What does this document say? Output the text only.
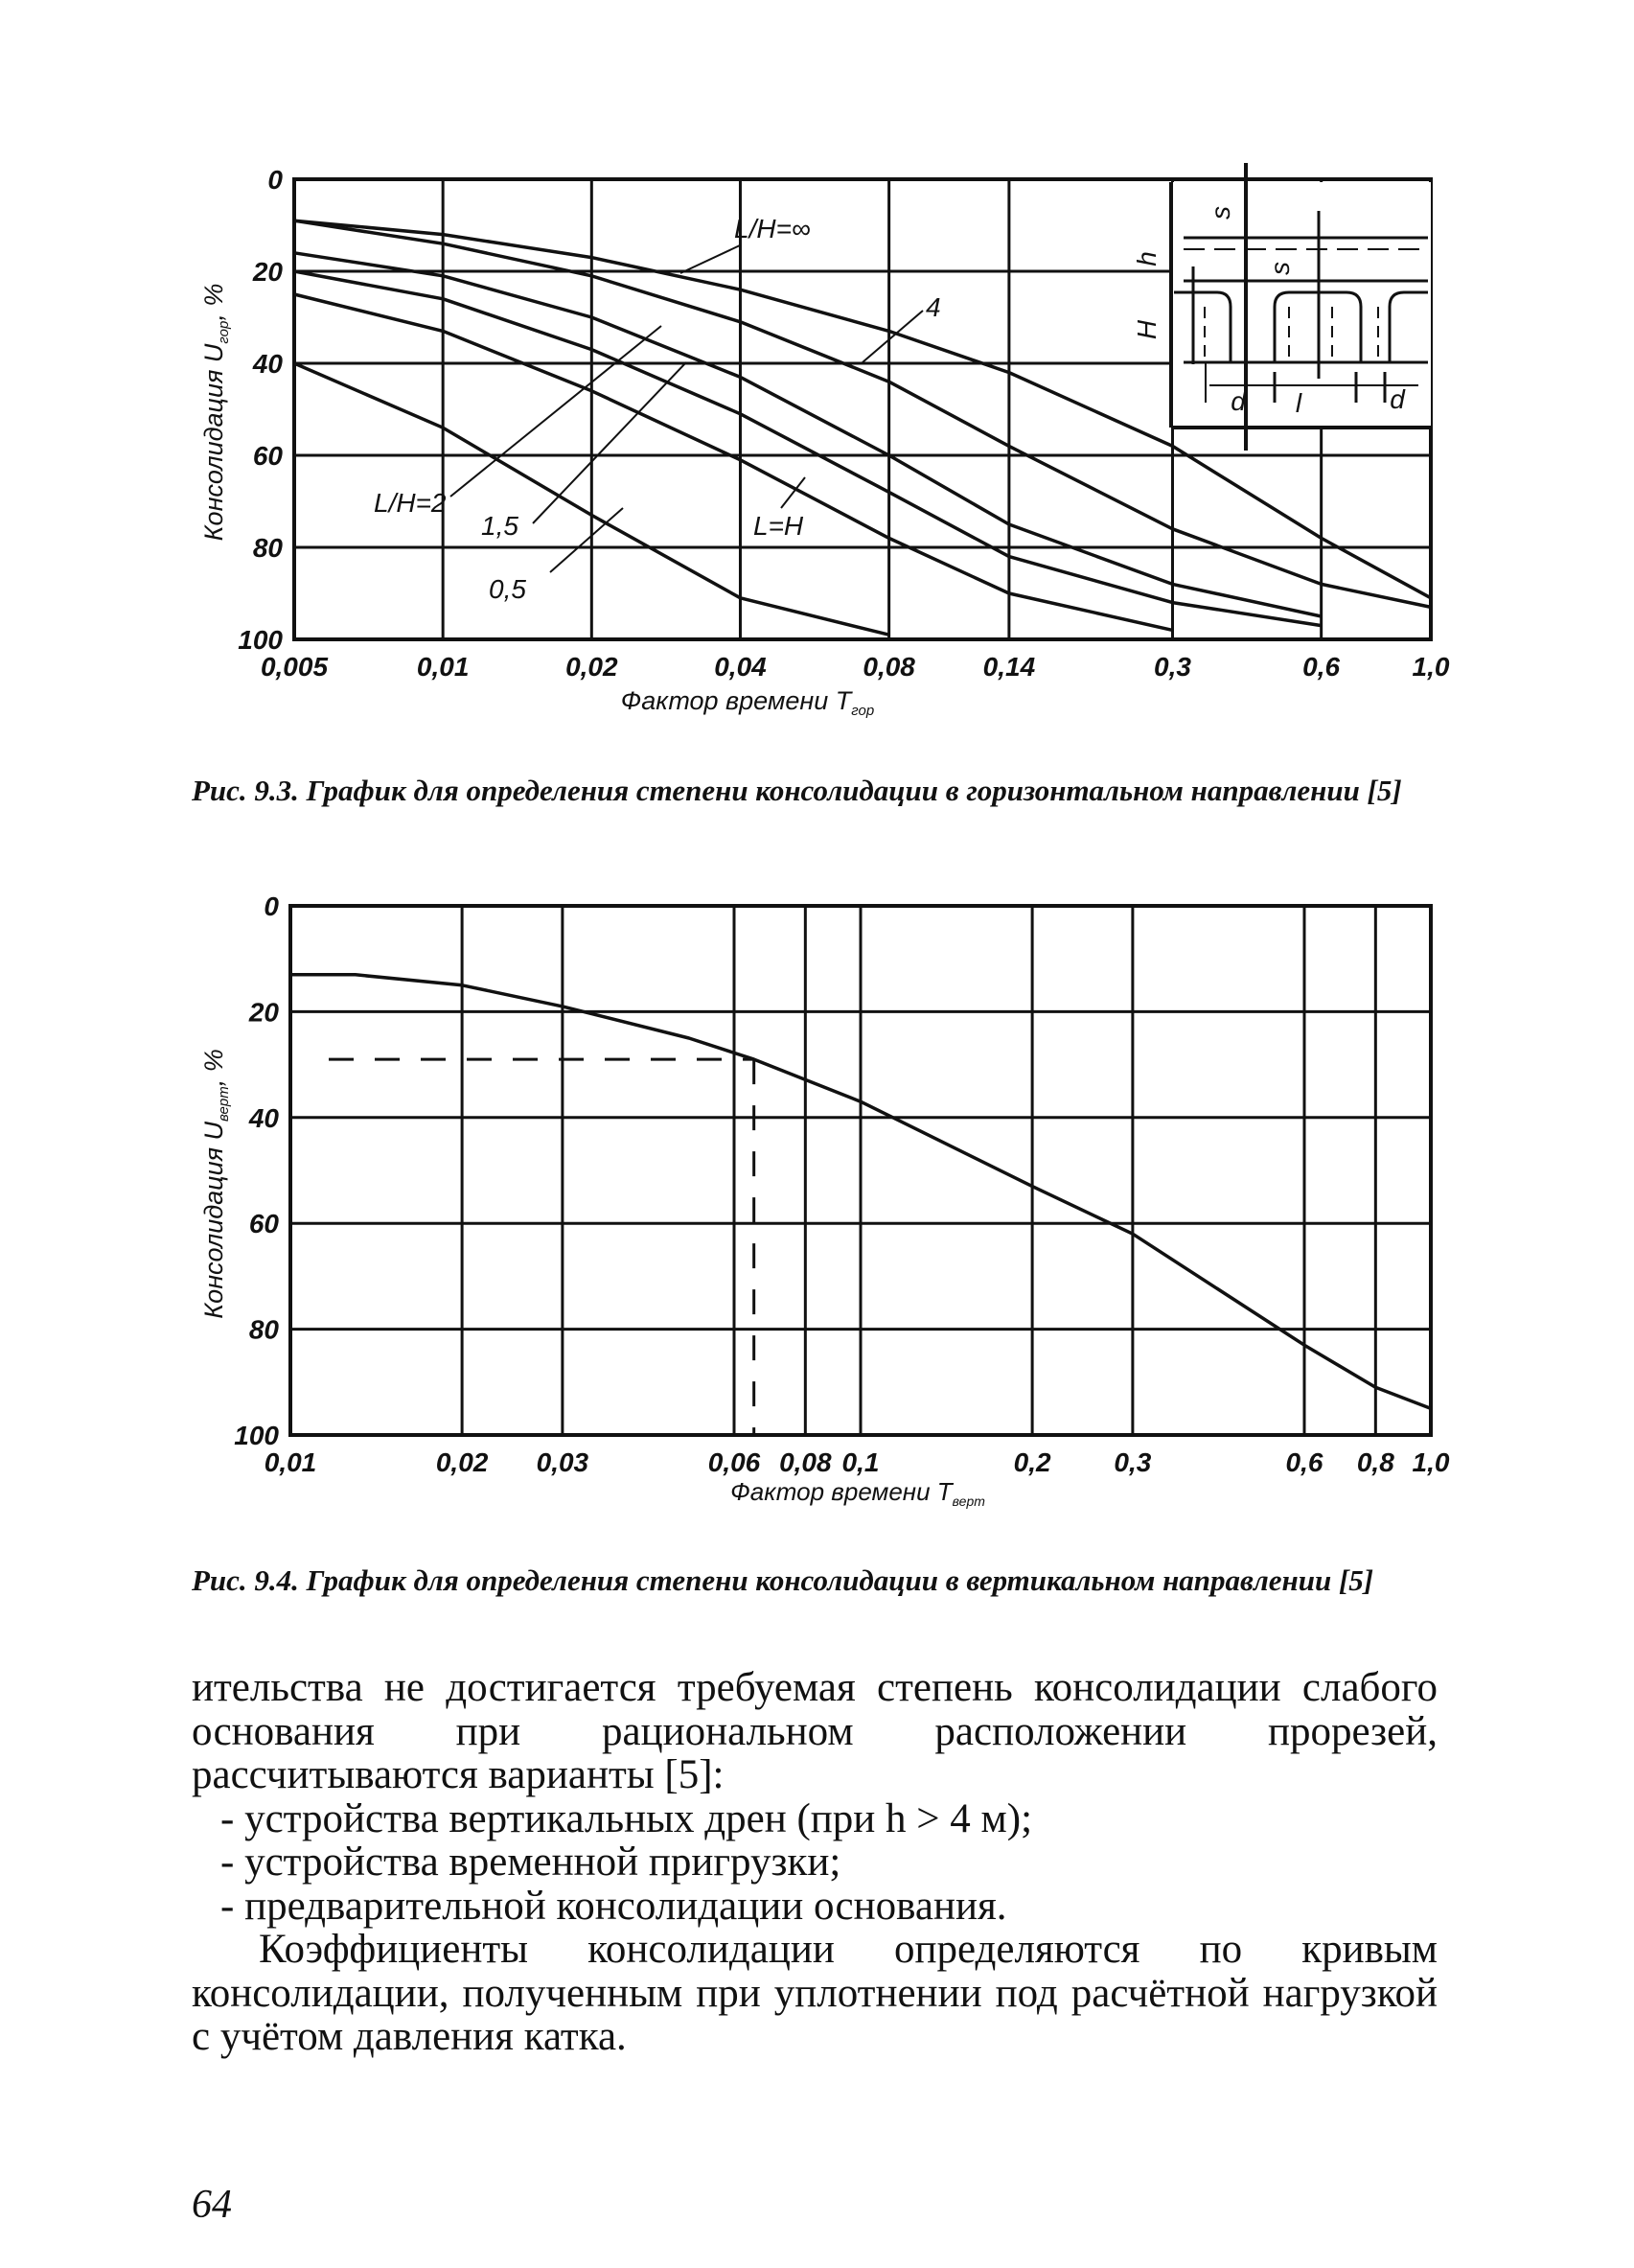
0
20
40
60
80
100
0,005	0,01	0,02	0,04	0,08	0,14	0,3	0,6	1,0
s
h
s
H
d l	d
L/H=∞
4
L/H=2
1,5	L=H
0,5
Фактор времени $T_{гор}$
Консолидация $U_{гор}$, %
Рис. 9.3. График для определения степени консолидации в горизонтальном направлении [5]
0
20
40
60
80
100
0,01	0,02 0,03	0,06 0,08 0,1	0,2 0,3	0,6 0,8 1,0
Фактор времени $T_{верт}$
Консолидация $U_{верт}$, %
Рис. 9.4. График для определения степени консолидации в вертикальном направлении [5]

ительства не достигается требуемая степень консолидации слабого основания при рациональном расположении прорезей, рассчитываются варианты [5]:

- устройства вертикальных дрен (при h > 4 м);

- устройства временной пригрузки;

- предварительной консолидации основания.

Коэффициенты консолидации определяются по кривым консолидации, полученным при уплотнении под расчётной нагрузкой с учётом давления катка.

64
